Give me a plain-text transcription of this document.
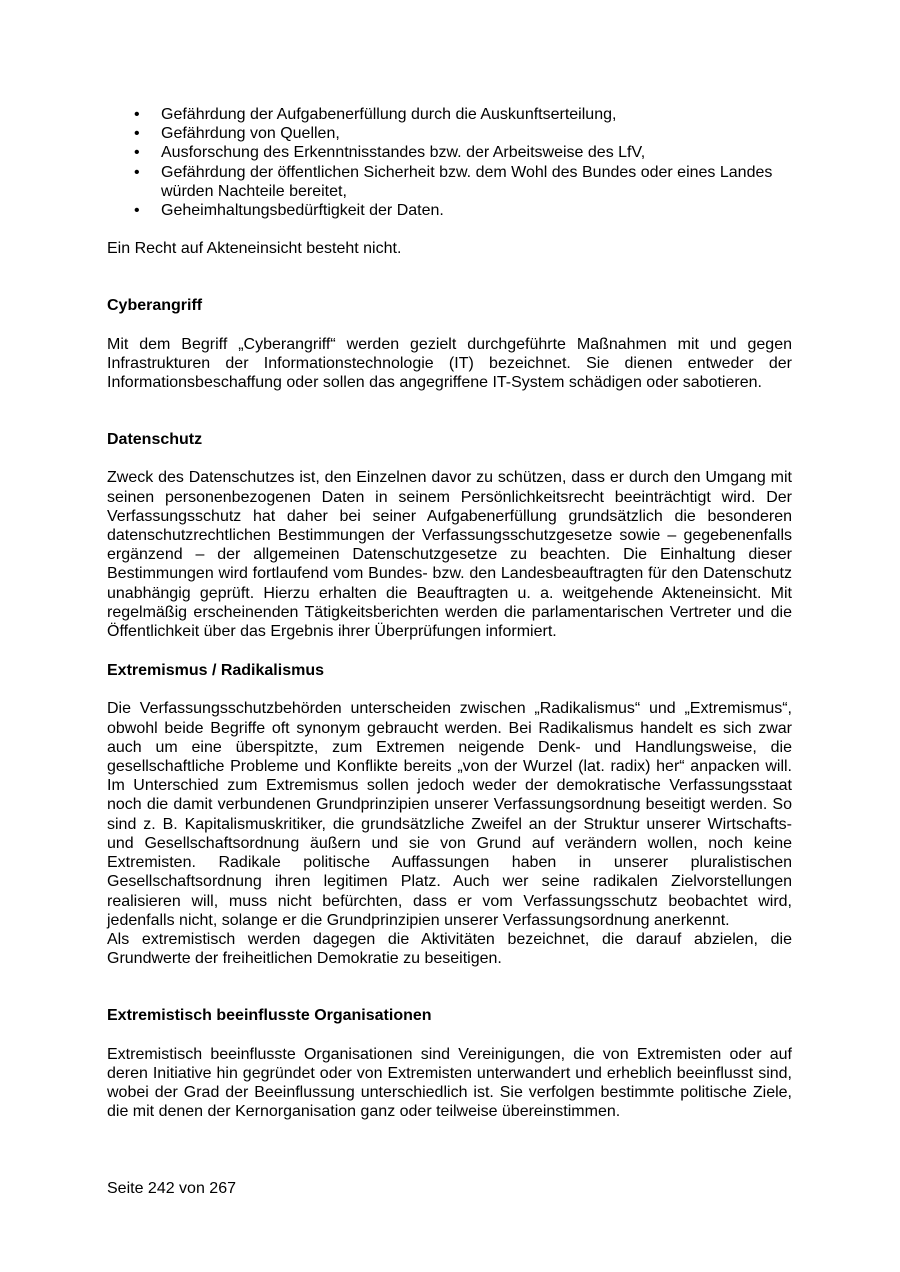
• Gefährdung der Aufgabenerfüllung durch die Auskunftserteilung,
• Gefährdung von Quellen,
• Ausforschung des Erkenntnisstandes bzw. der Arbeitsweise des LfV,
• Gefährdung der öffentlichen Sicherheit bzw. dem Wohl des Bundes oder eines Landes würden Nachteile bereitet,
• Geheimhaltungsbedürftigkeit der Daten.

Ein Recht auf Akteneinsicht besteht nicht.

Cyberangriff

Mit dem Begriff „Cyberangriff“ werden gezielt durchgeführte Maßnahmen mit und gegen Infrastrukturen der Informationstechnologie (IT) bezeichnet. Sie dienen entweder der Informationsbeschaffung oder sollen das angegriffene IT-System schädigen oder sabotieren.

Datenschutz

Zweck des Datenschutzes ist, den Einzelnen davor zu schützen, dass er durch den Umgang mit seinen personenbezogenen Daten in seinem Persönlichkeitsrecht beeinträchtigt wird. Der Verfassungsschutz hat daher bei seiner Aufgabenerfüllung grundsätzlich die besonderen datenschutzrechtlichen Bestimmungen der Verfassungsschutzgesetze sowie – gegebenenfalls ergänzend – der allgemeinen Datenschutzgesetze zu beachten. Die Einhaltung dieser Bestimmungen wird fortlaufend vom Bundes- bzw. den Landesbeauftragten für den Datenschutz unabhängig geprüft. Hierzu erhalten die Beauftragten u. a. weitgehende Akteneinsicht. Mit regelmäßig erscheinenden Tätigkeitsberichten werden die parlamentarischen Vertreter und die Öffentlichkeit über das Ergebnis ihrer Überprüfungen informiert.

Extremismus / Radikalismus

Die Verfassungsschutzbehörden unterscheiden zwischen „Radikalismus“ und „Extremismus“, obwohl beide Begriffe oft synonym gebraucht werden. Bei Radikalismus handelt es sich zwar auch um eine überspitzte, zum Extremen neigende Denk- und Handlungsweise, die gesellschaftliche Probleme und Konflikte bereits „von der Wurzel (lat. radix) her“ anpacken will. Im Unterschied zum Extremismus sollen jedoch weder der demokratische Verfassungsstaat noch die damit verbundenen Grundprinzipien unserer Verfassungsordnung beseitigt werden. So sind z. B. Kapitalismuskritiker, die grundsätzliche Zweifel an der Struktur unserer Wirtschafts- und Gesellschaftsordnung äußern und sie von Grund auf verändern wollen, noch keine Extremisten. Radikale politische Auffassungen haben in unserer pluralistischen Gesellschaftsordnung ihren legitimen Platz. Auch wer seine radikalen Zielvorstellungen realisieren will, muss nicht befürchten, dass er vom Verfassungsschutz beobachtet wird, jedenfalls nicht, solange er die Grundprinzipien unserer Verfassungsordnung anerkennt.

Als extremistisch werden dagegen die Aktivitäten bezeichnet, die darauf abzielen, die Grundwerte der freiheitlichen Demokratie zu beseitigen.

Extremistisch beeinflusste Organisationen

Extremistisch beeinflusste Organisationen sind Vereinigungen, die von Extremisten oder auf deren Initiative hin gegründet oder von Extremisten unterwandert und erheblich beeinflusst sind, wobei der Grad der Beeinflussung unterschiedlich ist. Sie verfolgen bestimmte politische Ziele, die mit denen der Kernorganisation ganz oder teilweise übereinstimmen.

Seite 242 von 267
